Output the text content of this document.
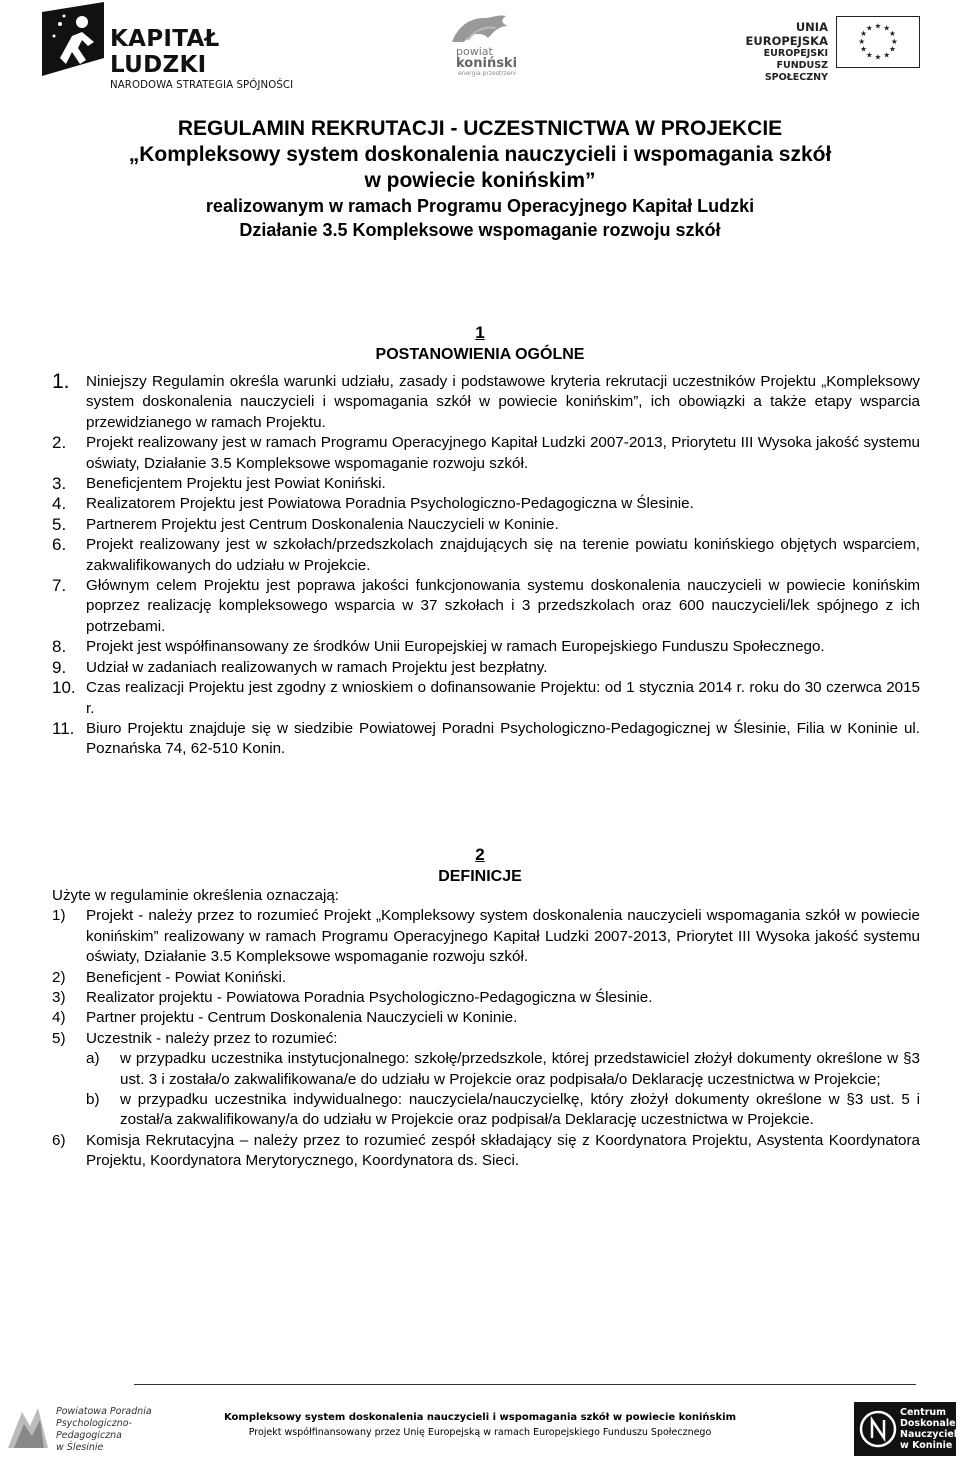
KAPITAŁ LUDZKI
NARODOWA STRATEGIA SPÓJNOŚCI
powiat
koniński
energia przestrzeni
UNIA EUROPEJSKA
EUROPEJSKI
FUNDUSZ SPOŁECZNY
★ ★
★
★
★
★
★
★
★
★
★
★
REGULAMIN REKRUTACJI - UCZESTNICTWA W PROJEKCIE
„Kompleksowy system doskonalenia nauczycieli i wspomagania szkół
w powiecie konińskim”
realizowanym w ramach Programu Operacyjnego Kapitał Ludzki
Działanie 3.5 Kompleksowe wspomaganie rozwoju szkół
1
POSTANOWIENIA OGÓLNE
1. Niniejszy Regulamin określa warunki udziału, zasady i podstawowe kryteria rekrutacji uczestników Projektu „Kompleksowy system doskonalenia nauczycieli i wspomagania szkół w powiecie konińskim”, ich obowiązki a także etapy wsparcia przewidzianego w ramach Projektu.
2. Projekt realizowany jest w ramach Programu Operacyjnego Kapitał Ludzki 2007-2013, Priorytetu III Wysoka jakość systemu oświaty, Działanie 3.5 Kompleksowe wspomaganie rozwoju szkół.
3. Beneficjentem Projektu jest Powiat Koniński.
4. Realizatorem Projektu jest Powiatowa Poradnia Psychologiczno-Pedagogiczna w Ślesinie.
5. Partnerem Projektu jest Centrum Doskonalenia Nauczycieli w Koninie.
6. Projekt realizowany jest w szkołach/przedszkolach znajdujących się na terenie powiatu konińskiego objętych wsparciem, zakwalifikowanych do udziału w Projekcie.
7. Głównym celem Projektu jest poprawa jakości funkcjonowania systemu doskonalenia nauczycieli w powiecie konińskim poprzez realizację kompleksowego wsparcia w 37 szkołach i 3 przedszkolach oraz 600 nauczycieli/lek spójnego z ich potrzebami.
8. Projekt jest współfinansowany ze środków Unii Europejskiej w ramach Europejskiego Funduszu Społecznego.
9. Udział w zadaniach realizowanych w ramach Projektu jest bezpłatny.
10. Czas realizacji Projektu jest zgodny z wnioskiem o dofinansowanie Projektu: od 1 stycznia 2014 r. roku do 30 czerwca 2015 r.
11. Biuro Projektu znajduje się w siedzibie Powiatowej Poradni Psychologiczno-Pedagogicznej w Ślesinie, Filia w Koninie ul. Poznańska 74, 62-510 Konin.
2
DEFINICJE
Użyte w regulaminie określenia oznaczają:
1) Projekt - należy przez to rozumieć Projekt „Kompleksowy system doskonalenia nauczycieli wspomagania szkół w powiecie konińskim” realizowany w ramach Programu Operacyjnego Kapitał Ludzki 2007-2013, Priorytet III Wysoka jakość systemu oświaty, Działanie 3.5 Kompleksowe wspomaganie rozwoju szkół.
2) Beneficjent - Powiat Koniński.
3) Realizator projektu - Powiatowa Poradnia Psychologiczno-Pedagogiczna w Ślesinie.
4) Partner projektu - Centrum Doskonalenia Nauczycieli w Koninie.
5) Uczestnik - należy przez to rozumieć:
a) w przypadku uczestnika instytucjonalnego: szkołę/przedszkole, której przedstawiciel złożył dokumenty określone w §3 ust. 3 i została/o zakwalifikowana/e do udziału w Projekcie oraz podpisała/o Deklarację uczestnictwa w Projekcie;
b) w przypadku uczestnika indywidualnego: nauczyciela/nauczycielkę, który złożył dokumenty określone w §3 ust. 5 i został/a zakwalifikowany/a do udziału w Projekcie oraz podpisał/a Deklarację uczestnictwa w Projekcie.
6) Komisja Rekrutacyjna – należy przez to rozumieć zespół składający się z Koordynatora Projektu, Asystenta Koordynatora Projektu, Koordynatora Merytorycznego, Koordynatora ds. Sieci.
Powiatowa Poradnia
Psychologiczno-Pedagogiczna
w Ślesinie
Kompleksowy system doskonalenia nauczycieli i wspomagania szkół w powiecie konińskim
Projekt współfinansowany przez Unię Europejską w ramach Europejskiego Funduszu Społecznego
Centrum
Doskonalenia
Nauczycieli
w Koninie
